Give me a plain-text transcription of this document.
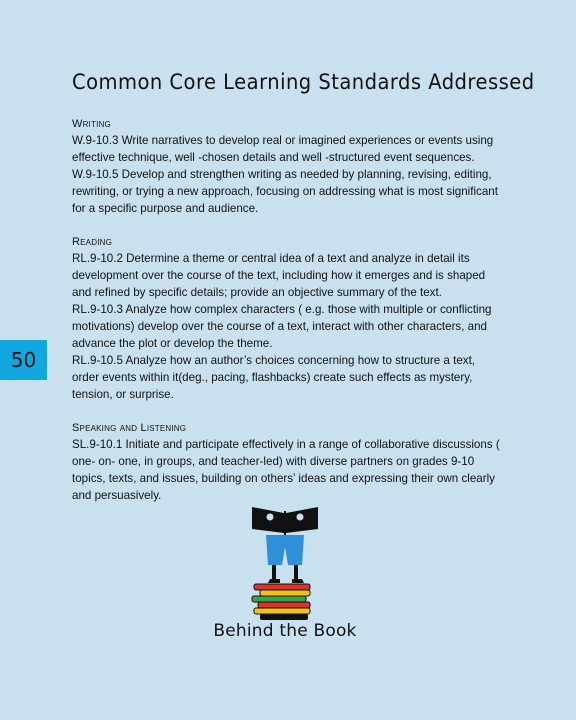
Common Core Learning Standards Addressed

Writing

W.9-10.3 Write narratives to develop real or imagined experiences or events using effective technique, well -chosen details and well -structured event sequences.

W.9-10.5 Develop and strengthen writing as needed by planning, revising, editing, rewriting, or trying a new approach, focusing on addressing what is most significant for a specific purpose and audience.

Reading

RL.9-10.2 Determine a theme or central idea of a text and analyze in detail its development over the course of the text, including how it emerges and is shaped and refined by specific details; provide an objective summary of the text.

RL.9-10.3 Analyze how complex characters ( e.g. those with multiple or conflicting motivations) develop over the course of a text, interact with other characters, and advance the plot or develop the theme.

RL.9-10.5 Analyze how an author’s choices concerning how to structure a text, order events within it(deg., pacing, flashbacks) create such effects as mystery, tension, or surprise.

Speaking and Listening

SL.9-10.1 Initiate and participate effectively in a range of collaborative discussions ( one- on- one, in groups, and teacher-led) with diverse partners on grades 9-10 topics, texts, and issues, building on others’ ideas and expressing their own clearly and persuasively.

50
Behind the Book
